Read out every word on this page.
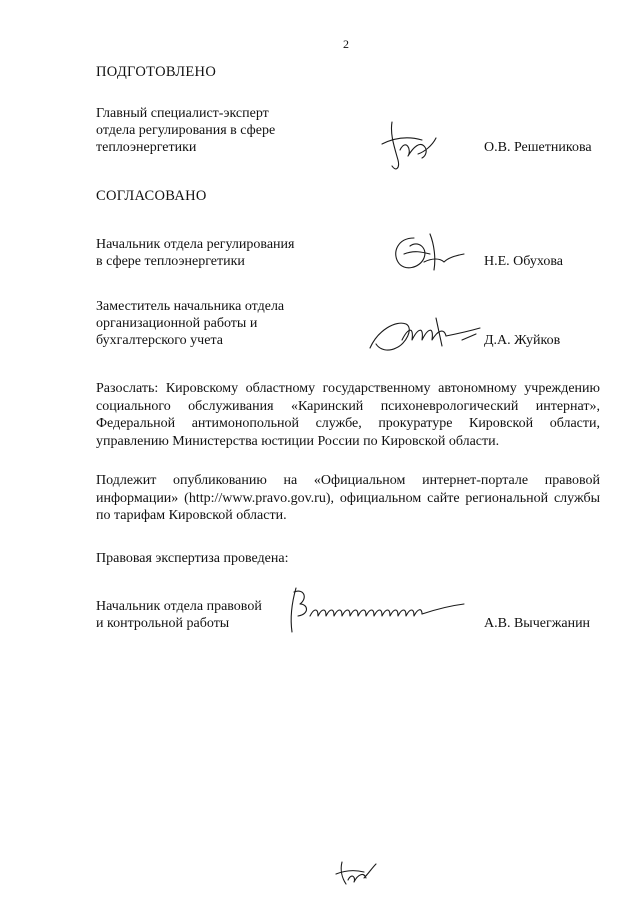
2
ПОДГОТОВЛЕНО
Главный специалист-эксперт
отдела регулирования в сфере
теплоэнергетики	О.В. Решетникова
СОГЛАСОВАНО
Начальник отдела регулирования
в сфере теплоэнергетики	Н.Е. Обухова
Заместитель начальника отдела
организационной работы и
бухгалтерского учета	Д.А. Жуйков
Разослать: Кировскому областному государственному автономному учреждению социального обслуживания «Каринский психоневрологический интернат», Федеральной антимонопольной службе, прокуратуре Кировской области, управлению Министерства юстиции России по Кировской области.
Подлежит опубликованию на «Официальном интернет-портале правовой информации» (http://www.pravo.gov.ru), официальном сайте региональной службы по тарифам Кировской области.
Правовая экспертиза проведена:
Начальник отдела правовой
и контрольной работы	А.В. Вычегжанин
